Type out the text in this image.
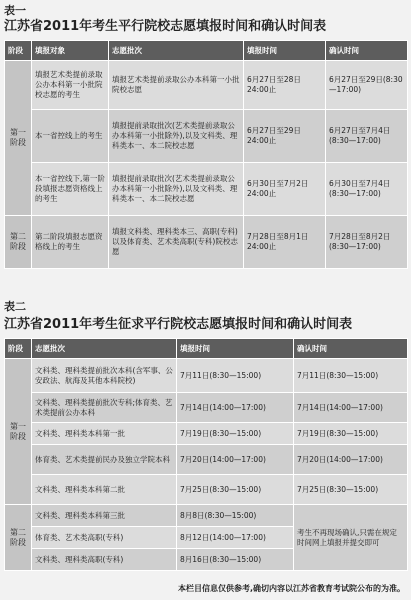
表一
江苏省2011年考生平行院校志愿填报时间和确认时间表
阶段	填报对象	志愿批次	填报时间	确认时间
第一阶段	填报艺术类提前录取公办本科第一小批院校志愿的考生	填报艺术类提前录取公办本科第一小批院校志愿	6月27日至28日24:00止	6月27日至29日(8:30—17:00)
	本一省控线上的考生	填报提前录取批次(艺术类提前录取公办本科第一小批除外),以及文科类、理科类本一、本二院校志愿	6月27日至29日24:00止	6月27日至7月4日(8:30—17:00)
	本一省控线下,第一阶段填报志愿资格线上的考生	填报提前录取批次(艺术类提前录取公办本科第一小批除外),以及文科类、理科类本一、本二院校志愿	6月30日至7月2日24:00止	6月30日至7月4日(8:30—17:00)
第二阶段	第二阶段填报志愿资格线上的考生	填报文科类、理科类本三、高职(专科)以及体育类、艺术类高职(专科)院校志愿	7月28日至8月1日24:00止	7月28日至8月2日(8:30—17:00)
表二
江苏省2011年考生征求平行院校志愿填报时间和确认时间表
阶段	志愿批次	填报时间	确认时间
第一阶段	文科类、理科类提前批次本科(含军事、公安政法、航海及其他本科院校)	7月11日(8:30—15:00)	7月11日(8:30—15:00)
	文科类、理科类提前批次专科;体育类、艺术类提前公办本科	7月14日(14:00—17:00)	7月14日(14:00—17:00)
	文科类、理科类本科第一批	7月19日(8:30—15:00)	7月19日(8:30—15:00)
	体育类、艺术类提前民办及独立学院本科	7月20日(14:00—17:00)	7月20日(14:00—17:00)
	文科类、理科类本科第二批	7月25日(8:30—15:00)	7月25日(8:30—15:00)
第二阶段	文科类、理科类本科第三批	8月8日(8:30—15:00)	考生不再现场确认,只需在规定时间网上填报并提交即可
	体育类、艺术类高职(专科)	8月12日(14:00—17:00)	
	文科类、理科类高职(专科)	8月16日(8:30—15:00)	
本栏目信息仅供参考,确切内容以江苏省教育考试院公布的为准。
